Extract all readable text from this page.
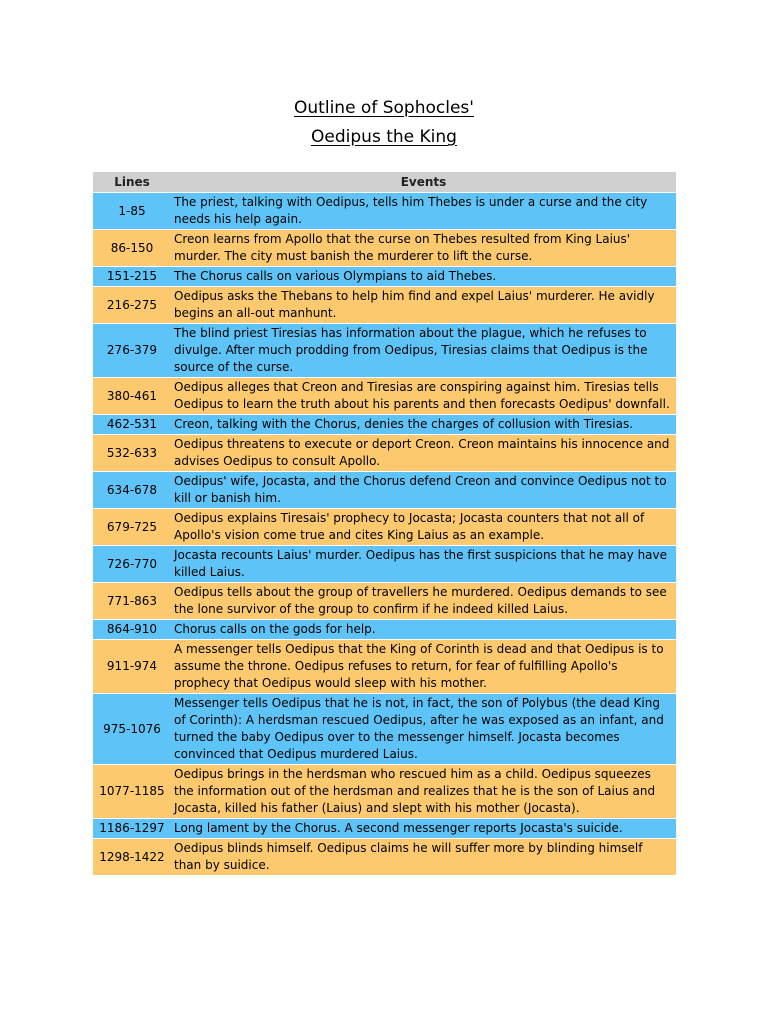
Outline of Sophocles'
Oedipus the King
Lines	Events
1-85	The priest, talking with Oedipus, tells him Thebes is under a curse and the city needs his help again.
86-150	Creon learns from Apollo that the curse on Thebes resulted from King Laius' murder. The city must banish the murderer to lift the curse.
151-215	The Chorus calls on various Olympians to aid Thebes.
216-275	Oedipus asks the Thebans to help him find and expel Laius' murderer. He avidly begins an all-out manhunt.
276-379	The blind priest Tiresias has information about the plague, which he refuses to divulge. After much prodding from Oedipus, Tiresias claims that Oedipus is the source of the curse.
380-461	Oedipus alleges that Creon and Tiresias are conspiring against him. Tiresias tells Oedipus to learn the truth about his parents and then forecasts Oedipus' downfall.
462-531	Creon, talking with the Chorus, denies the charges of collusion with Tiresias.
532-633	Oedipus threatens to execute or deport Creon. Creon maintains his innocence and advises Oedipus to consult Apollo.
634-678	Oedipus' wife, Jocasta, and the Chorus defend Creon and convince Oedipus not to kill or banish him.
679-725	Oedipus explains Tiresais' prophecy to Jocasta; Jocasta counters that not all of Apollo's vision come true and cites King Laius as an example.
726-770	Jocasta recounts Laius' murder. Oedipus has the first suspicions that he may have killed Laius.
771-863	Oedipus tells about the group of travellers he murdered. Oedipus demands to see the lone survivor of the group to confirm if he indeed killed Laius.
864-910	Chorus calls on the gods for help.
911-974	A messenger tells Oedipus that the King of Corinth is dead and that Oedipus is to assume the throne. Oedipus refuses to return, for fear of fulfilling Apollo's prophecy that Oedipus would sleep with his mother.
975-1076	Messenger tells Oedipus that he is not, in fact, the son of Polybus (the dead King of Corinth): A herdsman rescued Oedipus, after he was exposed as an infant, and turned the baby Oedipus over to the messenger himself. Jocasta becomes convinced that Oedipus murdered Laius.
1077-1185	Oedipus brings in the herdsman who rescued him as a child. Oedipus squeezes the information out of the herdsman and realizes that he is the son of Laius and Jocasta, killed his father (Laius) and slept with his mother (Jocasta).
1186-1297	Long lament by the Chorus. A second messenger reports Jocasta's suicide.
1298-1422	Oedipus blinds himself. Oedipus claims he will suffer more by blinding himself than by suidice.
